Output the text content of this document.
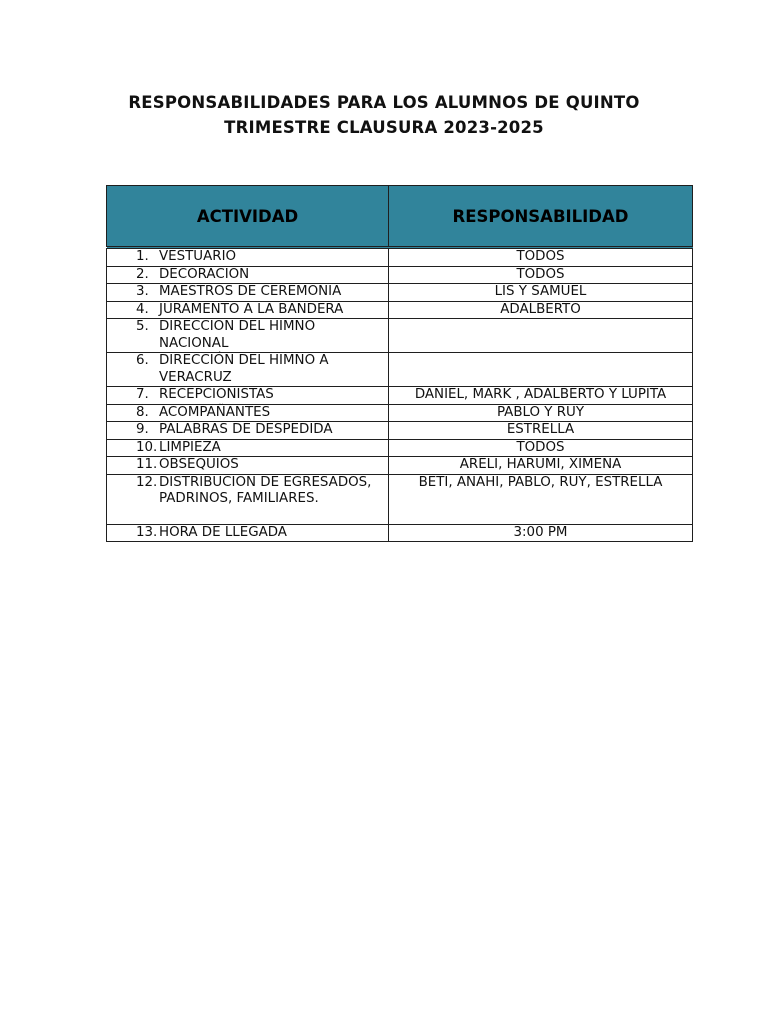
RESPONSABILIDADES PARA LOS ALUMNOS DE QUINTO
TRIMESTRE CLAUSURA 2023-2025
ACTIVIDAD	RESPONSABILIDAD

1. VESTUARIO	TODOS

2. DECORACION	TODOS

3. MAESTROS DE CEREMONIA	LIS Y SAMUEL

4. JURAMENTO A LA BANDERA	ADALBERTO

5. DIRECCION DEL HIMNO NACIONAL	

6. DIRECCIÓN DEL HIMNO A VERACRUZ	

7. RECEPCIONISTAS	DANIEL, MARK , ADALBERTO Y LUPITA

8. ACOMPAÑANTES	PABLO Y RUY

9. PALABRAS DE DESPEDIDA	ESTRELLA

10. LIMPIEZA	TODOS

11. OBSEQUIOS	ARELI, HARUMI, XIMENA

12. DISTRIBUCION DE EGRESADOS, PADRINOS, FAMILIARES.	BETI, ANAHI, PABLO, RUY, ESTRELLA

13. HORA DE LLEGADA	3:00 PM
